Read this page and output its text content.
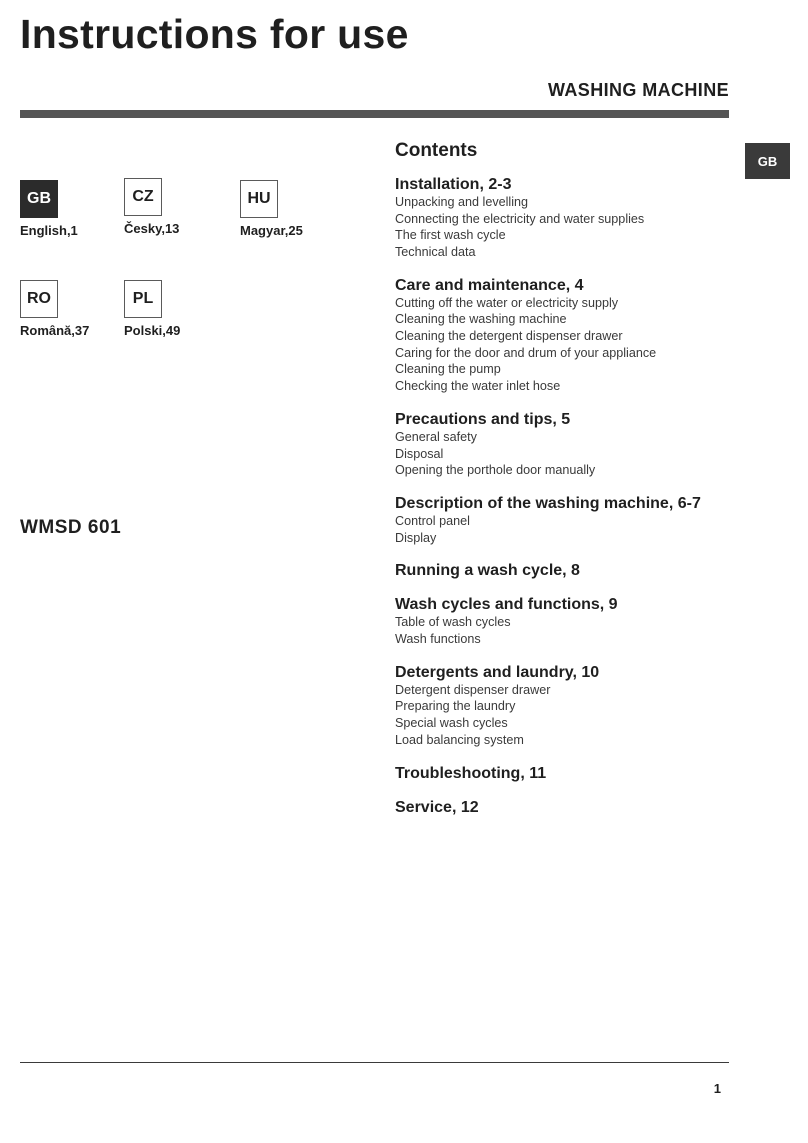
Instructions for use
WASHING MACHINE
GB
GB
English,1
CZ
Česky,13
HU
Magyar,25
RO
Română,37
PL
Polski,49
WMSD 601
Contents
Installation, 2-3
Unpacking and levelling
Connecting the electricity and water supplies
The first wash cycle
Technical data
Care and maintenance, 4
Cutting off the water or electricity supply
Cleaning the washing machine
Cleaning the detergent dispenser drawer
Caring for the door and drum of your appliance
Cleaning the pump
Checking the water inlet hose
Precautions and tips, 5
General safety
Disposal
Opening the porthole door manually
Description of the washing machine, 6-7
Control panel
Display
Running a wash cycle, 8
Wash cycles and functions, 9
Table of wash cycles
Wash functions
Detergents and laundry, 10
Detergent dispenser drawer
Preparing the laundry
Special wash cycles
Load balancing system
Troubleshooting, 11
Service, 12
1
